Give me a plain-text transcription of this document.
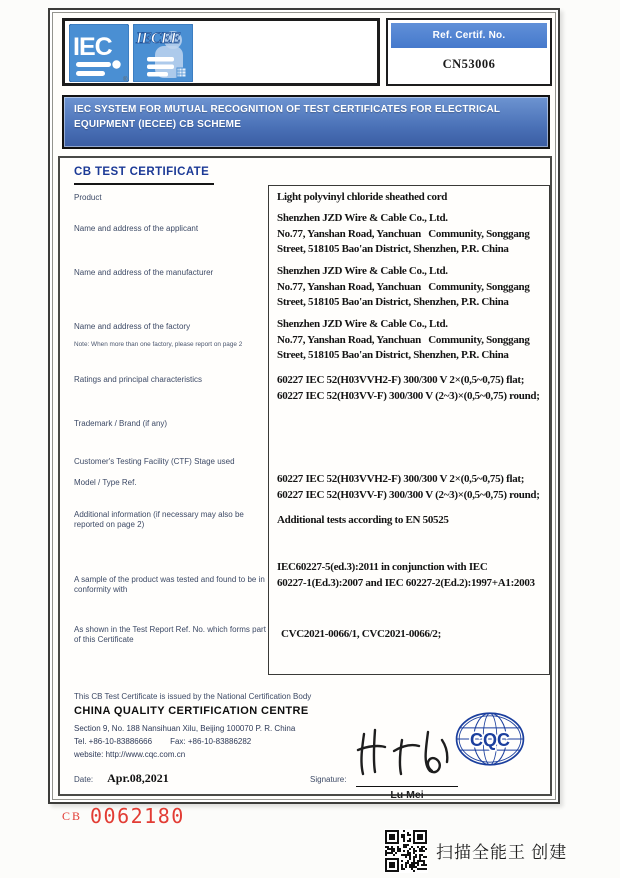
IEC
®
IECEE	Ref. Certif. No.
CN53006
IEC SYSTEM FOR MUTUAL RECOGNITION OF TEST CERTIFICATES FOR ELECTRICAL EQUIPMENT (IECEE) CB SCHEME
CB TEST CERTIFICATE
Product
Name and address of the applicant
Name and address of the manufacturer
Name and address of the factory
Note: When more than one factory, please report on page 2
Ratings and principal characteristics
Trademark / Brand (if any)
Customer's Testing Facility (CTF) Stage used
Model / Type Ref.
Additional information (if necessary may also be reported on page 2)
A sample of the product was tested and found to be in conformity with
As shown in the Test Report Ref. No. which forms part of this Certificate
Light polyvinyl chloride sheathed cord
Shenzhen JZD Wire & Cable Co., Ltd.
No.77, Yanshan Road, Yanchuan   Community, Songgang
Street, 518105 Bao'an District, Shenzhen, P.R. China
Shenzhen JZD Wire & Cable Co., Ltd.
No.77, Yanshan Road, Yanchuan   Community, Songgang
Street, 518105 Bao'an District, Shenzhen, P.R. China
Shenzhen JZD Wire & Cable Co., Ltd.
No.77, Yanshan Road, Yanchuan   Community, Songgang
Street, 518105 Bao'an District, Shenzhen, P.R. China
60227 IEC 52(H03VVH2-F) 300/300 V 2×(0,5~0,75) flat;
60227 IEC 52(H03VV-F) 300/300 V (2~3)×(0,5~0,75) round;
60227 IEC 52(H03VVH2-F) 300/300 V 2×(0,5~0,75) flat;
60227 IEC 52(H03VV-F) 300/300 V (2~3)×(0,5~0,75) round;
Additional tests according to EN 50525
IEC60227-5(ed.3):2011 in conjunction with IEC
60227-1(Ed.3):2007 and IEC 60227-2(Ed.2):1997+A1:2003
CVC2021-0066/1, CVC2021-0066/2;
This CB Test Certificate is issued by the National Certification Body
CHINA QUALITY CERTIFICATION CENTRE
Section 9, No. 188 Nansihuan Xilu, Beijing 100070 P. R. China
Tel. +86-10-83886666 Fax: +86-10-83886282
website: http://www.cqc.com.cn
Date: Apr.08,2021	Signature:
Lu Mei
CQC
CB 0062180
扫描全能王 创建
